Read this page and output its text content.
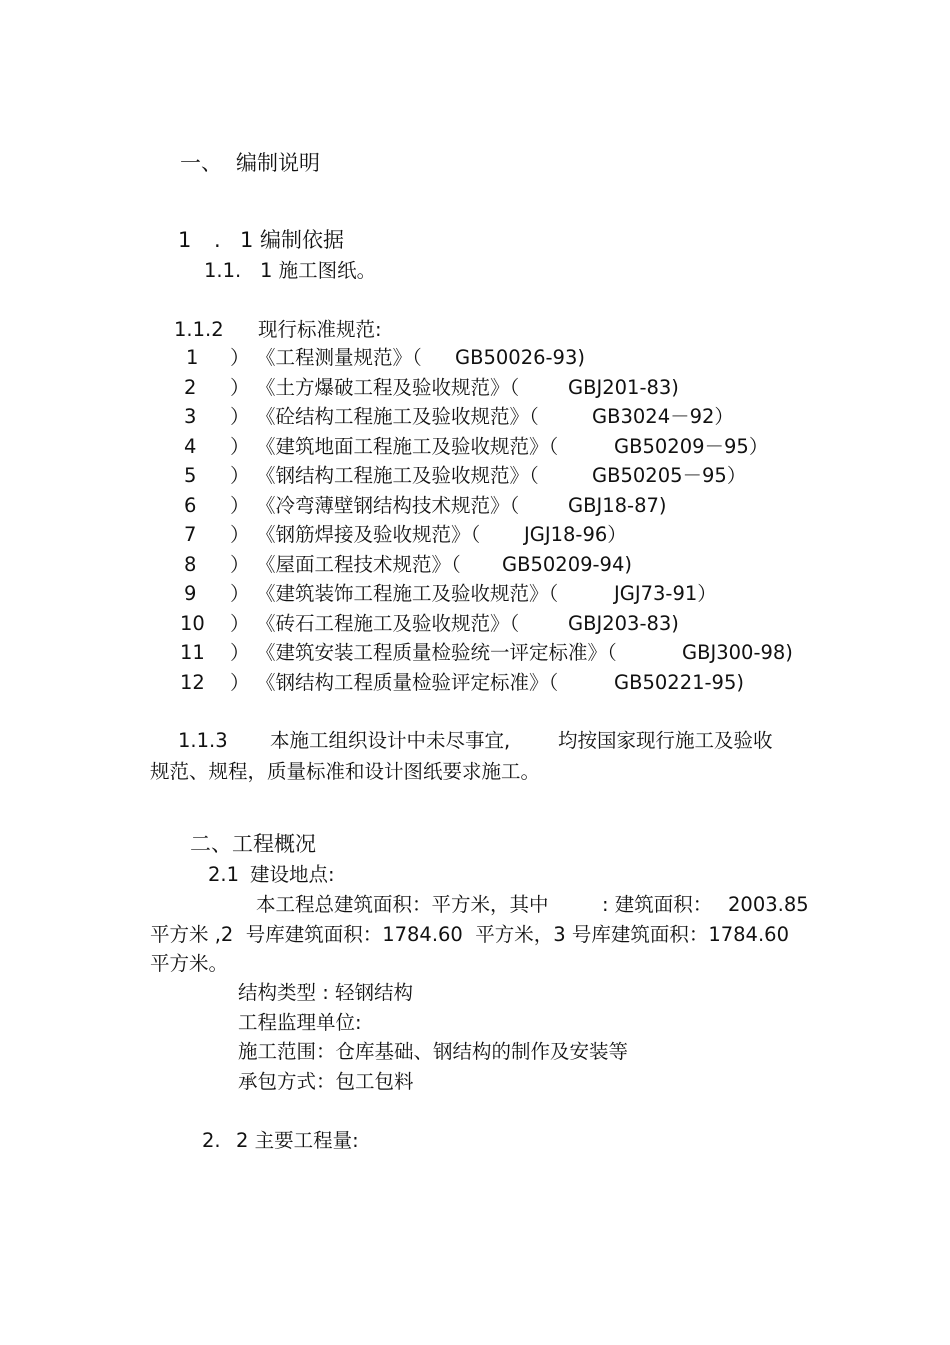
一、 编制说明
1 . 1 编制依据
1.1. 1 施工图纸。
1.1.2 现行标准规范:
1 ） 《工程测量规范》（ GB50026-93)
2 ） 《土方爆破工程及验收规范》（ GBJ201-83)
3 ） 《砼结构工程施工及验收规范》（	GB3024－92）
4 ） 《建筑地面工程施工及验收规范》（	GB50209－95）
5 ） 《钢结构工程施工及验收规范》（	GB50205－95）
6 ） 《冷弯薄壁钢结构技术规范》（ GBJ18-87)
7 ） 《钢筋焊接及验收规范》（ JGJ18-96）
8 ） 《屋面工程技术规范》（ GB50209-94)
9 ） 《建筑装饰工程施工及验收规范》（	JGJ73-91）
10 ） 《砖石工程施工及验收规范》（ GBJ203-83)
11 ） 《建筑安装工程质量检验统一评定标准》（	GBJ300-98)
12 ） 《钢结构工程质量检验评定标准》（	GB50221-95)
1.1.3 本施工组织设计中未尽事宜, 均按国家现行施工及验收
规范、规程，质量标准和设计图纸要求施工。
二、工程概况
2.1 建设地点:
本工程总建筑面积：平方米，其中	: 建筑面积： 2003.85
平方米 ,2  号库建筑面积：1784.60  平方米，3 号库建筑面积：1784.60
平方米。
结构类型 : 轻钢结构
工程监理单位:
施工范围：仓库基础、钢结构的制作及安装等
承包方式：包工包料
2. 2 主要工程量:
